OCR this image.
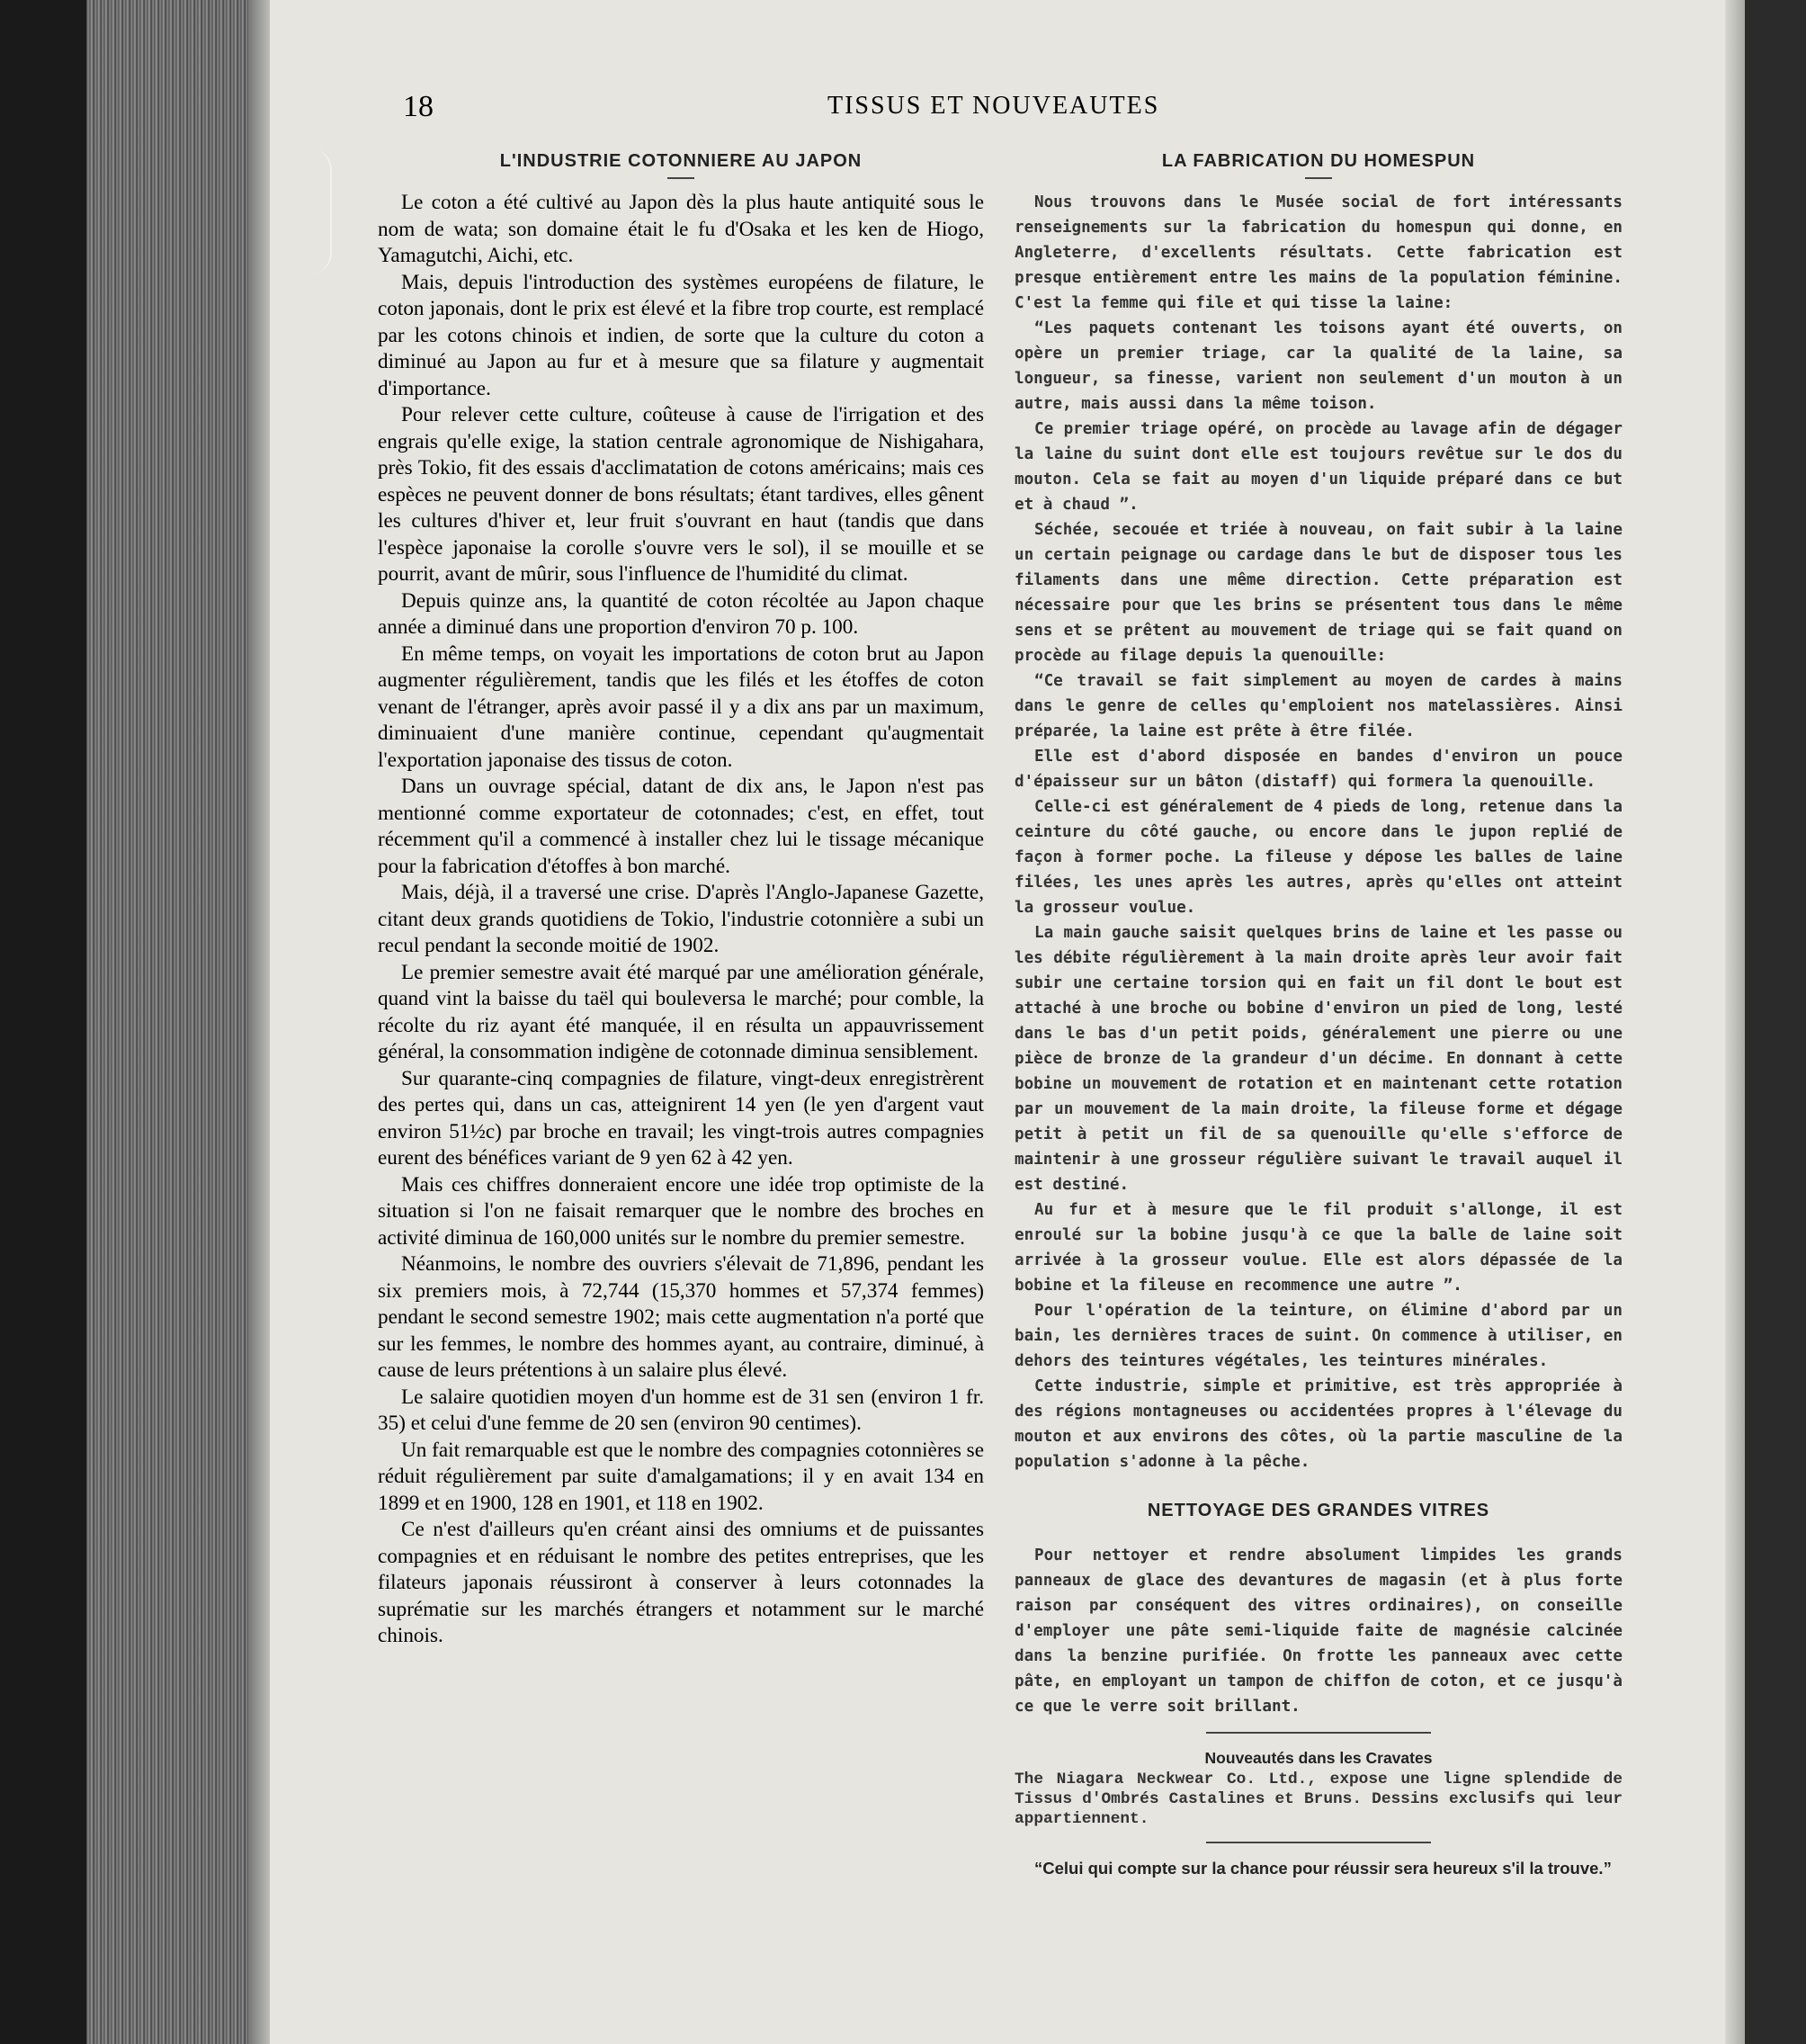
18	TISSUS ET NOUVEAUTES
L'INDUSTRIE COTONNIERE AU JAPON

Le coton a été cultivé au Japon dès la plus haute antiquité sous le nom de wata; son domaine était le fu d'Osaka et les ken de Hiogo, Yamagutchi, Aichi, etc.

Mais, depuis l'introduction des systèmes européens de filature, le coton japonais, dont le prix est élevé et la fibre trop courte, est remplacé par les cotons chinois et indien, de sorte que la culture du coton a diminué au Japon au fur et à mesure que sa filature y augmentait d'importance.

Pour relever cette culture, coûteuse à cause de l'irrigation et des engrais qu'elle exige, la station centrale agronomique de Nishigahara, près Tokio, fit des essais d'acclimatation de cotons américains; mais ces espèces ne peuvent donner de bons résultats; étant tardives, elles gênent les cultures d'hiver et, leur fruit s'ouvrant en haut (tandis que dans l'espèce japonaise la corolle s'ouvre vers le sol), il se mouille et se pourrit, avant de mûrir, sous l'influence de l'humidité du climat.

Depuis quinze ans, la quantité de coton récoltée au Japon chaque année a diminué dans une proportion d'environ 70 p. 100.

En même temps, on voyait les importations de coton brut au Japon augmenter régulièrement, tandis que les filés et les étoffes de coton venant de l'étranger, après avoir passé il y a dix ans par un maximum, diminuaient d'une manière continue, cependant qu'augmentait l'exportation japonaise des tissus de coton.

Dans un ouvrage spécial, datant de dix ans, le Japon n'est pas mentionné comme exportateur de cotonnades; c'est, en effet, tout récemment qu'il a commencé à installer chez lui le tissage mécanique pour la fabrication d'étoffes à bon marché.

Mais, déjà, il a traversé une crise. D'après l'Anglo-Japanese Gazette, citant deux grands quotidiens de Tokio, l'industrie cotonnière a subi un recul pendant la seconde moitié de 1902.

Le premier semestre avait été marqué par une amélioration générale, quand vint la baisse du taël qui bouleversa le marché; pour comble, la récolte du riz ayant été manquée, il en résulta un appauvrissement général, la consommation indigène de cotonnade diminua sensiblement.

Sur quarante-cinq compagnies de filature, vingt-deux enregistrèrent des pertes qui, dans un cas, atteignirent 14 yen (le yen d'argent vaut environ 51½c) par broche en travail; les vingt-trois autres compagnies eurent des bénéfices variant de 9 yen 62 à 42 yen.

Mais ces chiffres donneraient encore une idée trop optimiste de la situation si l'on ne faisait remarquer que le nombre des broches en activité diminua de 160,000 unités sur le nombre du premier semestre.

Néanmoins, le nombre des ouvriers s'élevait de 71,896, pendant les six premiers mois, à 72,744 (15,370 hommes et 57,374 femmes) pendant le second semestre 1902; mais cette augmentation n'a porté que sur les femmes, le nombre des hommes ayant, au contraire, diminué, à cause de leurs prétentions à un salaire plus élevé.

Le salaire quotidien moyen d'un homme est de 31 sen (environ 1 fr. 35) et celui d'une femme de 20 sen (environ 90 centimes).

Un fait remarquable est que le nombre des compagnies cotonnières se réduit régulièrement par suite d'amalgamations; il y en avait 134 en 1899 et en 1900, 128 en 1901, et 118 en 1902.

Ce n'est d'ailleurs qu'en créant ainsi des omniums et de puissantes compagnies et en réduisant le nombre des petites entreprises, que les filateurs japonais réussiront à conserver à leurs cotonnades la suprématie sur les marchés étrangers et notamment sur le marché chinois.

LA FABRICATION DU HOMESPUN

Nous trouvons dans le Musée social de fort intéressants renseignements sur la fabrication du homespun qui donne, en Angleterre, d'excellents résultats. Cette fabrication est presque entièrement entre les mains de la population féminine. C'est la femme qui file et qui tisse la laine:

“Les paquets contenant les toisons ayant été ouverts, on opère un premier triage, car la qualité de la laine, sa longueur, sa finesse, varient non seulement d'un mouton à un autre, mais aussi dans la même toison.

Ce premier triage opéré, on procède au lavage afin de dégager la laine du suint dont elle est toujours revêtue sur le dos du mouton. Cela se fait au moyen d'un liquide préparé dans ce but et à chaud ”.

Séchée, secouée et triée à nouveau, on fait subir à la laine un certain peignage ou cardage dans le but de disposer tous les filaments dans une même direction. Cette préparation est nécessaire pour que les brins se présentent tous dans le même sens et se prêtent au mouvement de triage qui se fait quand on procède au filage depuis la quenouille:

“Ce travail se fait simplement au moyen de cardes à mains dans le genre de celles qu'emploient nos matelassières. Ainsi préparée, la laine est prête à être filée.

Elle est d'abord disposée en bandes d'environ un pouce d'épaisseur sur un bâton (distaff) qui formera la quenouille.

Celle-ci est généralement de 4 pieds de long, retenue dans la ceinture du côté gauche, ou encore dans le jupon replié de façon à former poche. La fileuse y dépose les balles de laine filées, les unes après les autres, après qu'elles ont atteint la grosseur voulue.

La main gauche saisit quelques brins de laine et les passe ou les débite régulièrement à la main droite après leur avoir fait subir une certaine torsion qui en fait un fil dont le bout est attaché à une broche ou bobine d'environ un pied de long, lesté dans le bas d'un petit poids, généralement une pierre ou une pièce de bronze de la grandeur d'un décime. En donnant à cette bobine un mouvement de rotation et en maintenant cette rotation par un mouvement de la main droite, la fileuse forme et dégage petit à petit un fil de sa quenouille qu'elle s'efforce de maintenir à une grosseur régulière suivant le travail auquel il est destiné.

Au fur et à mesure que le fil produit s'allonge, il est enroulé sur la bobine jusqu'à ce que la balle de laine soit arrivée à la grosseur voulue. Elle est alors dépassée de la bobine et la fileuse en recommence une autre ”.

Pour l'opération de la teinture, on élimine d'abord par un bain, les dernières traces de suint. On commence à utiliser, en dehors des teintures végétales, les teintures minérales.

Cette industrie, simple et primitive, est très appropriée à des régions montagneuses ou accidentées propres à l'élevage du mouton et aux environs des côtes, où la partie masculine de la population s'adonne à la pêche.

NETTOYAGE DES GRANDES VITRES

Pour nettoyer et rendre absolument limpides les grands panneaux de glace des devantures de magasin (et à plus forte raison par conséquent des vitres ordinaires), on conseille d'employer une pâte semi-liquide faite de magnésie calcinée dans la benzine purifiée. On frotte les panneaux avec cette pâte, en employant un tampon de chiffon de coton, et ce jusqu'à ce que le verre soit brillant.

Nouveautés dans les Cravates
The Niagara Neckwear Co. Ltd., expose une ligne splendide de Tissus d'Ombrés Castalines et Bruns. Dessins exclusifs qui leur appartiennent.

“Celui qui compte sur la chance pour réussir sera heureux s'il la trouve.”
